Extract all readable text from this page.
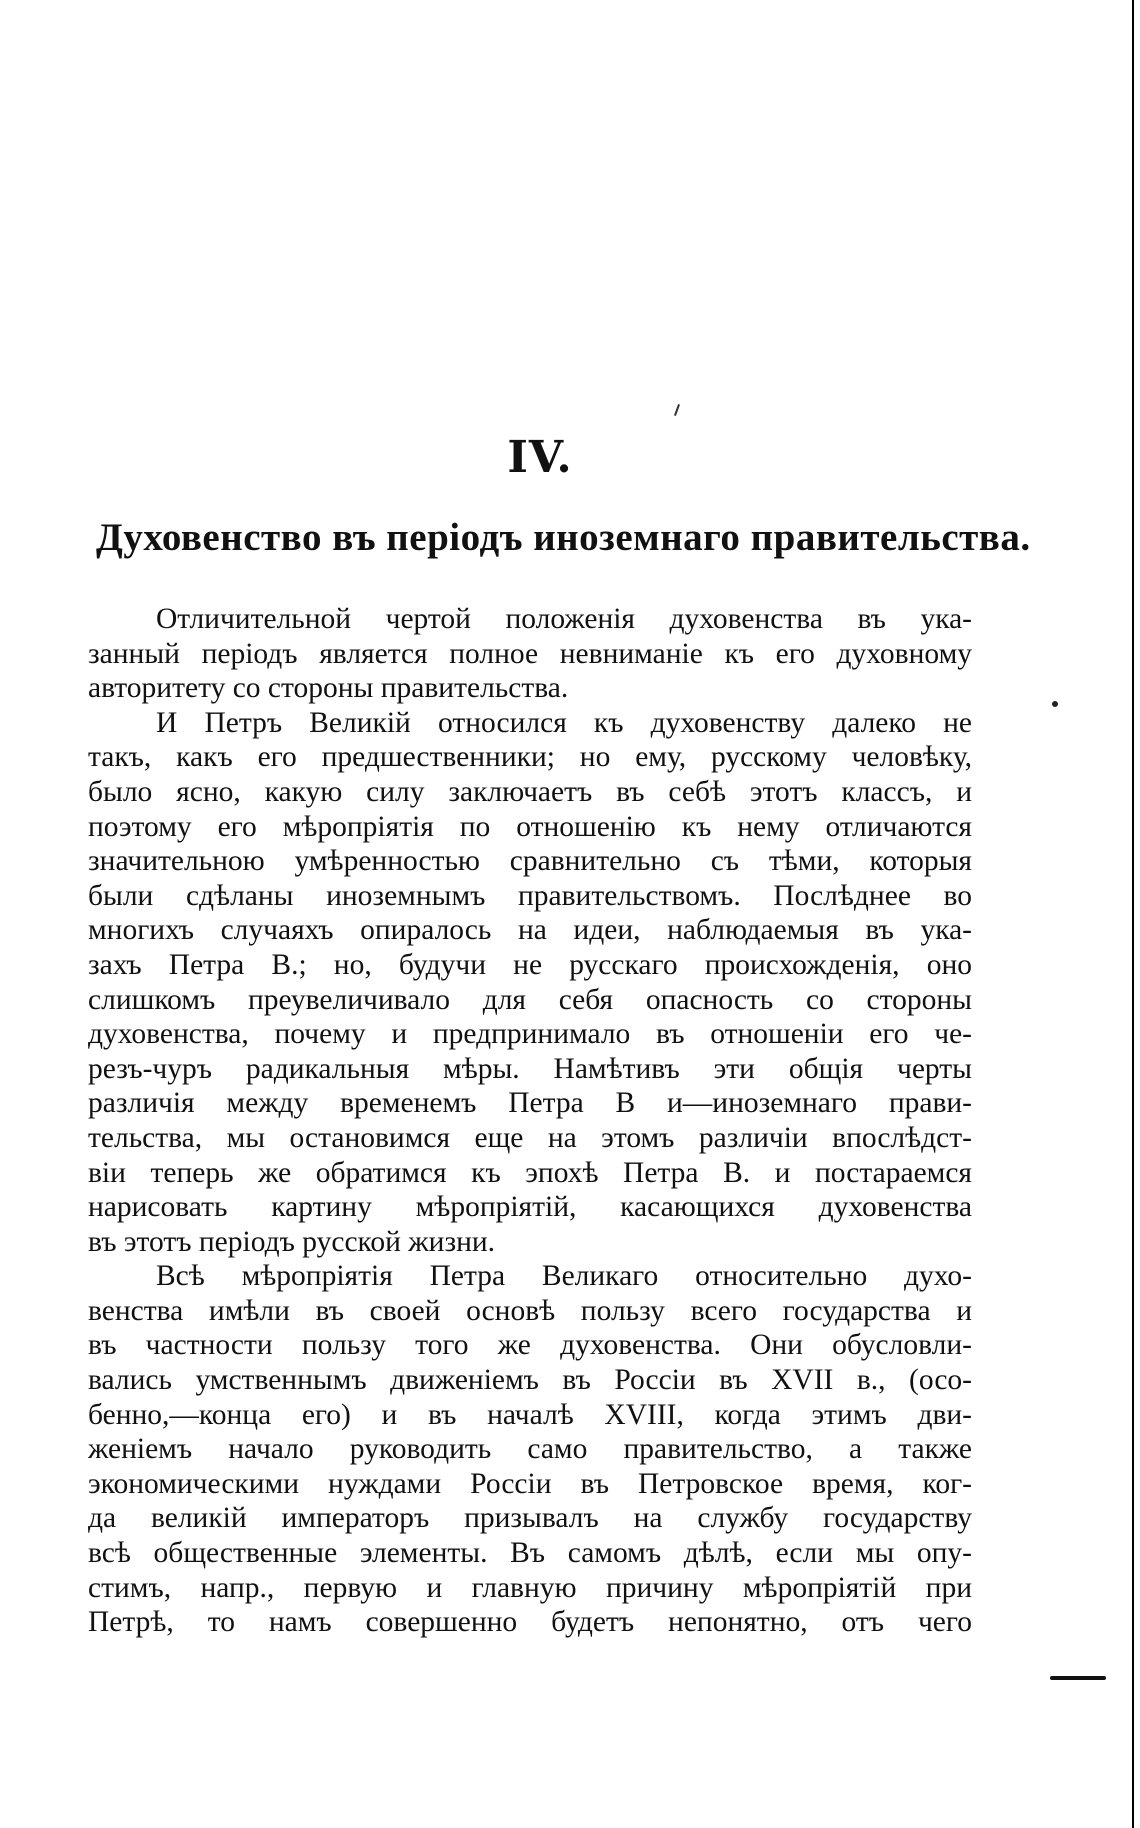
IV.
Духовенство въ періодъ иноземнаго правительства.
Отличительной чертой положенія духовенства въ ука-
занный періодъ является полное невниманіе къ его духовному
авторитету со стороны правительства.
И Петръ Великій относился къ духовенству далеко не
такъ, какъ его предшественники; но ему, русскому человѣку,
было ясно, какую силу заключаетъ въ себѣ этотъ классъ, и
поэтому его мѣропріятія по отношенію къ нему отличаются
значительною умѣренностью сравнительно съ тѣми, которыя
были сдѣланы иноземнымъ правительствомъ. Послѣднее во
многихъ случаяхъ опиралось на идеи, наблюдаемыя въ ука-
захъ Петра В.; но, будучи не русскаго происхожденія, оно
слишкомъ преувеличивало для себя опасность со стороны
духовенства, почему и предпринимало въ отношеніи его че-
резъ-чуръ радикальныя мѣры. Намѣтивъ эти общія черты
различія между временемъ Петра В и—иноземнаго прави-
тельства, мы остановимся еще на этомъ различіи впослѣдст-
віи теперь же обратимся къ эпохѣ Петра В. и постараемся
нарисовать картину мѣропріятій, касающихся духовенства
въ этотъ періодъ русской жизни.
Всѣ мѣропріятія Петра Великаго относительно духо-
венства имѣли въ своей основѣ пользу всего государства и
въ частности пользу того же духовенства. Они обусловли-
вались умственнымъ движеніемъ въ Россіи въ XVII в., (осо-
бенно,—конца его) и въ началѣ XVIII, когда этимъ дви-
женіемъ начало руководить само правительство, а также
экономическими нуждами Россіи въ Петровское время, ког-
да великій императоръ призывалъ на службу государству
всѣ общественные элементы. Въ самомъ дѣлѣ, если мы опу-
стимъ, напр., первую и главную причину мѣропріятій при
Петрѣ, то намъ совершенно будетъ непонятно, отъ чего
